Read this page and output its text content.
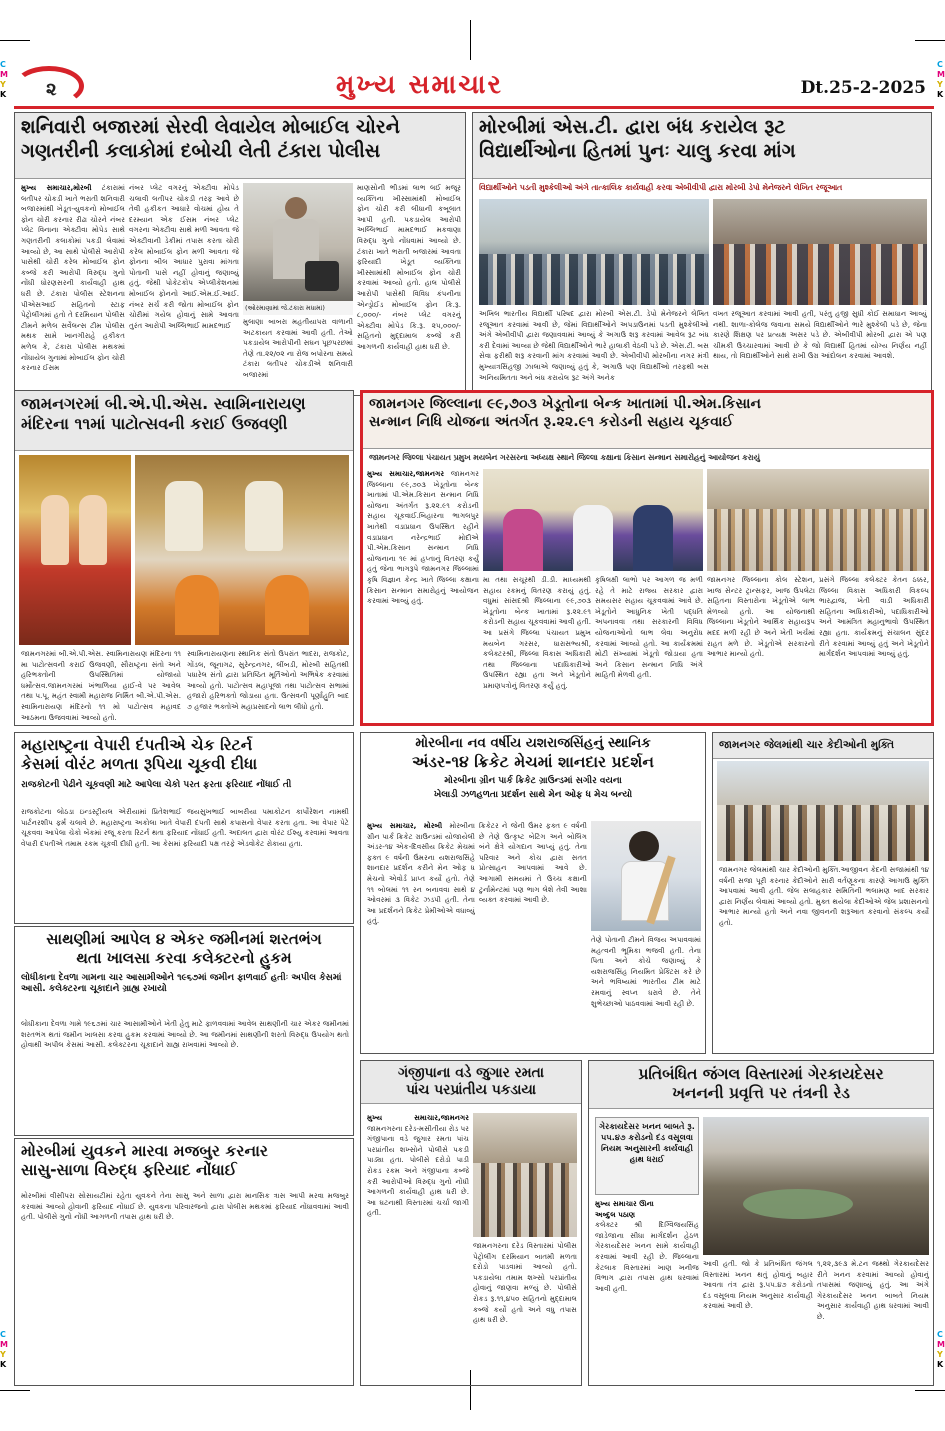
C
M
Y
K
C
M
Y
K
C
M
Y
K
C
M
Y
K
૨	મુખ્ય સમાચાર	Dt.25-2-2025
શનિવારી બજારમાં સેરવી લેવાયેલ મોબાઈલ ચોરને
ગણતરીની કલાકોમાં દબોચી લેતી ટંકારા પોલીસ
મુખ્ય સમાચાર,મોરબી ટંકારામાં લતીપર ચોકડી ખાતે ભરાતી શનિવારી બજારમાંથી ખેડૂત-યુવકનો મોબાઈલ ફોન ચોરી કરનાર રીઢા ચોરને નંબર પ્લેટ વિનાના એક્ટીવા મોપેડ સાથે ગણતરીની કલાકોમાં પકડી લેવામાં આવ્યો છે, આ સાથે પોલીસે આરોપી પાસેથી ચોરી કરેલ મોબાઈલ ફોન કબ્જે કરી આરોપી વિરુદ્ધ ગુનો નોંધી ધોરણસરની કાર્યવાહી હાથ ધરી છે. ટંકારા પોલીસ સ્ટેશનના પીએસઆઈ સહિતનો સ્ટાફ પેટ્રોલીંગમાં હતો તે દરમિયાન પોલીસ ટીમને મળેલ સર્વેલન્સ ટીમ પોલીસ મથક સામે ખાનગીરાહે હકીકત મળેલ કે, ટંકારા પોલીસ મથકમાં નોંધાયેલ ગુનામાં મોબાઈલ ફોન ચોરી કરનાર ઈસમ
નંબર પ્લેટ વગરનું એક્ટીવા મોપેડ ચલાવી લતીપર ચોકડી તરફ આવે છે તેવી હકીકત આધારે વોચમાં હોય તે દરમ્યાન એક ઈસમ નંબર પ્લેટ વગરના એક્ટીવા સાથે મળી આવતા જે એક્ટીવાની ડેકીમાં તપાસ કરતા ચોરી કરેલ મોબાઈલ ફોન મળી આવતા જે ફોનના બીલ આધાર પુરાવા માંગતા પોતાની પાસે નહીં હોવાનું જણાવ્યું હતું. જેથી પોકેટકોપ એપ્લીકેશનમાં મોબાઈલ ફોનનો આઈ.એમ.ઈ.આઈ. નંબર સર્ચ કરી જોતા મોબાઈલ ફોન ચોરીમાં ગયેલ હોવાનું સામે આવતા તુરંત આરોપી અલ્લિભાઈ મામદભાઈ
(ઓરમાણામાં જે.ટંકારા મધામાં)
મુલાણા બાબરા મહતીયાપરા વાળાની અટકાયત કરવામાં આવી હતી. તેઓ પકડાયેલ આરોપીની સઘન પૂછપરછમાં તેણે તા.૨૨/૦૨ ના રોજ બપોરના સમયે ટંકારા લતીપર ચોકડીએ શનિવારી બજારમાં
માણસોની ભીડમાં લાભ લઈ મજૂર વ્યક્તિના ખીસ્સામાંથી મોબાઈલ ફોન ચોરી કરી લીધાની કબૂલાત આપી હતી. પકડાયેલ આરોપી અલ્લિભાઈ મામદભાઈ મકવાણા વિરુદ્ધ ગુનો નોંધવામાં આવ્યો છે. ટંકારા ખાતે ભરાતી બજારમાં આવતા ફરિયાદી ખેડૂત વ્યક્તિના ખીસ્સામાંથી મોબાઈલ ફોન ચોરી કરવામાં આવ્યો હતો. હાલ પોલીસે આરોપી પાસેથી વિવિધ કંપનીના એન્ડ્રોઈડ મોબાઈલ ફોન કિ.રૂ. ૮,૦૦૦/- નંબર પ્લેટ વગરનું એક્ટીવા મોપેડ કિ.રૂ. ૨૫,૦૦૦/- સહિતનો મુદ્દામાલ કબ્જે કરી આગળની કાર્યવાહી હાથ ધરી છે.
મોરબીમાં એસ.ટી. દ્વારા બંધ કરાયેલ રૂટ
વિદ્યાર્થીઓના હિતમાં પુનઃ ચાલુ કરવા માંગ
વિદ્યાર્થીઓને પડતી મુશ્કેલીઓ અંગે તાત્કાલિક કાર્યવાહી કરવા એબીવીપી દ્વારા મોરબી ડેપો મેનેજરને લેખિત રજૂઆત
અખિલ ભારતીય વિદ્યાર્થી પરિષદ દ્વારા મોરબી એસ.ટી. ડેપો મેનેજરને લેખિત રજૂઆત કરવામાં આવી છે, જેમાં વિદ્યાર્થીઓને અપડાઉનમાં પડતી મુશ્કેલીઓ અંગે એબીવીપી દ્વારા જણાવવામાં આવ્યું કે અગાઉ શરૂ કરવામાં આવેલ રૂટ બંધ કરી દેવામાં આવ્યા છે જેથી વિદ્યાર્થીઓને ભારે હાલાકી વેઠવી પડે છે. એસ.ટી. બસ સેવા ફરીથી શરૂ કરવાની માંગ કરવામાં આવી છે. એબીવીપી મોરબીના નગર મંત્રી મુખ્યાત્રસિંહજી ઝાલાએ જણાવ્યું હતું કે, અગાઉ પણ વિદ્યાર્થીઓ તરફથી બસ અનિયમિતતા અને બંધ કરાયેલ રૂટ અંગે અનેક
વખત રજૂઆત કરવામાં આવી હતી, પરંતુ હજી સુધી કોઈ સમાધાન આવ્યું નથી. શાળા-કોલેજ જવાના સમયે વિદ્યાર્થીઓને ભારે મુશ્કેલી પડે છે, જેના કારણે શિક્ષણ પર પ્રત્યક્ષ અસર પડે છે. એબીવીપી મોરબી દ્વારા એ પણ ચીમકી ઉચ્ચારવામાં આવી છે કે જો વિદ્યાર્થી હિતમાં યોગ્ય નિર્ણય નહીં થાય, તો વિદ્યાર્થીઓને સાથે રાખી ઉગ્ર આંદોલન કરવામાં આવશે.
જામનગરમાં બી.એ.પી.એસ. સ્વામિનારાયણ
મંદિરના ૧૧માં પાટોત્સવની કરાઈ ઉજવણી
જામનગરમાં બી.એ.પી.એસ. સ્વામિનારાયણ મંદિરના ૧૧ મા પાટોત્સવની કરાઈ ઉજવણી, સૌરાષ્ટ્રના સંતો અને હરિભક્તોની ઉપસ્થિતિમાં યોજાયો ધર્મોત્સવ.જામનગરમાં ખંભાળિયા હાઈ-વે પર આવેલ તથા પ.પૂ. મહંત સ્વામી મહારાજ નિર્મિત બી.એ.પી.એસ. સ્વામિનારાયણ મંદિરનો ૧૧ મો પાટોત્સવ મહાવદ આઠમના ઉજવવામાં આવ્યો હતો.
સ્વામિનારાયણના સ્થાનિક સંતો ઉપરાંત ભાદરા, રાજકોટ, ગોંડલ, જૂનાગઢ, સુરેન્દ્રનગર, લીંબડી, મોરબી સહિતથી પધારેલ સંતો દ્વારા પ્રતિષ્ઠિત મૂર્તિઓનો અભિષેક કરવામાં આવ્યો હતો. પાટોત્સવ મહાપૂજા તથા પાટોત્સવ સભામાં હજારો હરિભક્તો જોડાયા હતા. ઉત્સવની પૂર્ણાહુતિ બાદ ૭ હજાર ભક્તોએ મહાપ્રસાદનો લાભ લીધો હતો.
જામનગર જિલ્લાના ૯૯,૭૦૩ ખેડૂતોના બેન્ક ખાતામાં પી.એમ.કિસાન
સન્માન નિધિ યોજના અંતર્ગત રૂ.૨૨.૯૧ કરોડની સહાય ચૂકવાઈ
જામનગર જિલ્લા પંચાયત પ્રમુખ મયબેન ગરસરના અધ્યક્ષ સ્થાને જિલ્લા કક્ષાના કિસાન સન્માન સમારોહનું આયોજન કરાયું
મુખ્ય સમાચાર,જામનગર જામનગર જિલ્લાના ૯૯,૭૦૩ ખેડૂતોના બેન્ક ખાતામાં પી.એમ.કિસાન સન્માન નિધિ યોજના અંતર્ગત રૂ.૨૨.૯૧ કરોડની સહાય ચૂકવાઈ.બિહારના ભાગલપુર ખાતેથી વડાપ્રધાન ઉપસ્થિત રહીને વડાપ્રધાન નરેન્દ્રભાઈ મોદીએ પી.એમ.કિસાન સન્માન નિધિ યોજનાના ૧૯ માં હપ્તાનું વિતરણ કર્યું હતું જેના ભાગરૂપે જામનગર જિલ્લામાં કૃષિ વિજ્ઞાન કેન્દ્ર ખાતે જિલ્લા કક્ષાના કિસાન સન્માન સમારોહનું આયોજન કરવામાં આવ્યું હતું.
મા તથા સચૂરથી ડી.ડી. માધ્યમથી સહાય રકમનું વિતરણ કરાયું હતું. વધુમાં સાંસદશ્રી જિલ્લાના ૯૯,૭૦૩ ખેડૂતોના બેન્ક ખાતામાં રૂ.૨૨.૯૧ કરોડની સહાય ચૂકવવામાં આવી હતી. આ પ્રસંગે જિલ્લા પંચાયત પ્રમુખ મયબેન ગરસર, ધારાસભ્યશ્રી, કલેક્ટરશ્રી, જિલ્લા વિકાસ અધિકારી તથા જિલ્લાના પદાધિકારીઓ ઉપસ્થિત રહ્યા હતા અને ખેડૂતોને પ્રમાણપત્રોનું વિતરણ કર્યું હતું.
કૃષિલક્ષી લાભો પર આગળ જ મળી રહે તે માટે રાજ્ય સરકાર દ્વારા સમયસર સહાય ચૂકવવામાં આવે છે. ખેડૂતોને આધુનિક ખેતી પદ્ધતિ અપનાવવા તથા સરકારની વિવિધ યોજનાઓનો લાભ લેવા અનુરોધ કરવામાં આવ્યો હતો. આ કાર્યક્રમમાં મોટી સંખ્યામાં ખેડૂતો જોડાયા હતા અને કિસાન સન્માન નિધિ અંગે માહિતી મેળવી હતી.
જામનગર જિલ્લાના કોલ સ્ટેશન, ખાજ સેન્ટર ટ્રાન્સફર, ખાજ ઉપલેટા સહિતના વિસ્તારોના ખેડૂતોએ લાભ મેળવ્યો હતો. આ યોજનાથી જિલ્લાના ખેડૂતોને આર્થિક સહાયરૂપ મદદ મળી રહી છે અને ખેતી ખર્ચમાં રાહત મળે છે. ખેડૂતોએ સરકારનો આભાર માન્યો હતો.
પ્રસંગે જિલ્લા કલેક્ટર કેતન ઠક્કર, જિલ્લા વિકાસ અધિકારી વિકલ્પ ભારદ્વાજ, ખેતી વાડી અધિકારી સહિતના અધિકારીઓ, પદાધિકારીઓ અને આમંત્રિત મહાનુભાવો ઉપસ્થિત રહ્યા હતા. કાર્યક્રમનું સંચાલન સુંદર રીતે કરવામાં આવ્યું હતું અને ખેડૂતોને માર્ગદર્શન આપવામાં આવ્યું હતું.
મહારાષ્ટ્રના વેપારી દંપતીએ ચેક રિટર્ન
કેસમાં વોરંટ મળતા રૂપિયા ચૂકવી દીધા
રાજકોટની પેઢીને ચૂકવણી માટે આપેલા ચેકો પરત ફરતા ફરિયાદ નોંધાઈ તી
રાજકોટના લોઠડા ઇન્ડસ્ટ્રીયલ એરીયામાં પ્રિતેશભાઈ જયસુખભાઈ બાબરીયા પમાકોટન કાર્પોરેશન નામથી પાર્ટનરશીપ ફર્મ ચલાવે છે. મહારાષ્ટ્રના અકોલા ખાતે વેપારી દંપતી સાથે કપાસનો વેપાર કરતા હતા. આ વેપાર પેટે ચૂકવવા આપેલા ચેકો બેંકમાં રજૂ કરતા રિટર્ન થતા ફરિયાદ નોંધાઈ હતી. અદાલત દ્વારા વોરંટ ઈશ્યુ કરવામાં આવતા વેપારી દંપતીએ તમામ રકમ ચૂકવી દીધી હતી. આ કેસમાં ફરિયાદી પક્ષ તરફે એડવોકેટ રોકાયા હતા.
સાથણીમાં આપેલ ૪ એકર જમીનમાં શરતભંગ
થતા ખાલસા કરવા કલેક્ટરનો હુકમ
લોધીકાના દેવળા ગામના ચાર આસામીઓને ૧૯૬૭માં જમીન ફાળવાઈ હતીઃ અપીલ કેસમાં આસી. કલેક્ટરના ચૂકાદાને ગ્રાહ્ય રખાયો
લોધીકાના દેવળા ગામે ૧૯૬૭માં ચાર આસામીઓને ખેતી હેતુ માટે ફાળવવામાં આવેલ સાથણીની ચાર એકર જમીનમાં શરતભંગ થતાં જમીન ખાલસા કરવા હુકમ કરવામાં આવ્યો છે. આ જમીનમાં સાથણીની શરતો વિરુદ્ધ ઉપયોગ થતો હોવાથી અપીલ કેસમાં આસી. કલેક્ટરના ચૂકાદાને ગ્રાહ્ય રાખવામાં આવ્યો છે.
મોરબીમાં યુવકને મારવા મજબુર કરનાર
સાસુ-સાળા વિરુદ્ધ ફરિયાદ નોંધાઈ
મોરબીમાં વીસીપરા સોસાયટીમાં રહેતા યુવકને તેના સાસુ અને સાળા દ્વારા માનસિક ત્રાસ આપી મરવા મજબુર કરવામાં આવ્યો હોવાની ફરિયાદ નોંધાઈ છે. યુવકના પરિવારજનો દ્વારા પોલીસ મથકમાં ફરિયાદ નોંધાવવામાં આવી હતી. પોલીસે ગુનો નોંધી આગળની તપાસ હાથ ધરી છે.
મોરબીના નવ વર્ષીય યશરાજસિંહનું સ્થાનિક
અંડર-૧૪ ક્રિકેટ મેચમાં શાનદાર પ્રદર્શન
મોરબીના ગ્રીન પાર્ક ક્રિકેટ ગ્રાઉન્ડમાં સગીર વયના
ખેલાડી ઝળહળતા પ્રદર્શન સાથે મેન ઓફ ધ મેચ બન્યો
મુખ્ય સમાચાર, મોરબી મોરબીના ગ્રીન પાર્ક ક્રિકેટ ગ્રાઉન્ડમાં યોજાયેલી અંડર-૧૪ એક-દિવસીય ક્રિકેટ મેચમાં ફક્ત ૯ વર્ષની ઉંમરના યશરાજસિંહે શાનદાર પ્રદર્શન કરીને મેન ઓફ ધ મેચનો એવોર્ડ પ્રાપ્ત કર્યો હતો. તેણે ૧૧ બોલમાં ૧૧ રન બનાવવા સાથે ૪ ઓવરમાં ૩ વિકેટ ઝડપી હતી. તેના આ પ્રદર્શનને ક્રિકેટ પ્રેમીઓએ વધાવ્યું હતું.
ક્રિકેટર ને જેની ઉંમર ફક્ત ૯ વર્ષની છે તેણે ઉત્કૃષ્ટ બેટિંગ અને બોલિંગ બંને ક્ષેત્રે યોગદાન આપ્યું હતું. તેના પરિવાર અને કોચ દ્વારા સતત પ્રોત્સાહન આપવામાં આવે છે. આગામી સમયમાં તે ઉચ્ચ કક્ષાની ટુર્નામેન્ટમાં પણ ભાગ લેશે તેવી આશા વ્યક્ત કરવામાં આવી છે.
તેણે પોતાની ટીમને વિજય અપાવવામાં મહત્વની ભૂમિકા ભજવી હતી. તેના પિતા અને કોચે જણાવ્યું કે યશરાજસિંહ નિયમિત પ્રેક્ટિસ કરે છે અને ભવિષ્યમાં ભારતીય ટીમ માટે રમવાનું સ્વપ્ન ધરાવે છે. તેને શુભેચ્છાઓ પાઠવવામાં આવી રહી છે.
જામનગર જેલમાંથી ચાર કેદીઓની મુક્તિ
જામનગર જેલમાંથી ચાર કેદીઓની મુક્તિ.આજીવન કેદની સજામાંથી ૧૪ વર્ષની સજા પૂરી કરનાર કેદીઓને સારી વર્તણૂકના કારણે આગાઉ મુક્તિ આપવામાં આવી હતી. જેલ સલાહકાર સમિતિની ભલામણ બાદ સરકાર દ્વારા નિર્ણય લેવામાં આવ્યો હતો. મુક્ત થયેલા કેદીઓએ જેલ પ્રશાસનનો આભાર માન્યો હતો અને નવા જીવનની શરૂઆત કરવાનો સંકલ્પ કર્યો હતો.
ગંજીપાના વડે જુગાર રમતા
પાંચ પરપ્રાંતીય પકડાયા
મુખ્ય સમાચાર,જામનગર જામનગરના દરેડ-મસીતીયા રોડ પર ગંજીપાના વડે જુગાર રમતા પાંચ પરપ્રાંતીય શખ્સોને પોલીસે પકડી પાડ્યા હતા. પોલીસે દરોડો પાડી રોકડ રકમ અને ગંજીપાના કબ્જે કરી આરોપીઓ વિરુદ્ધ ગુનો નોંધી આગળની કાર્યવાહી હાથ ધરી છે. આ ઘટનાથી વિસ્તારમાં ચર્ચા જાગી હતી.
જામનગરના દરેડ વિસ્તારમાં પોલીસ પેટ્રોલીંગ દરમિયાન બાતમી મળતા દરોડો પાડવામાં આવ્યો હતો. પકડાયેલા તમામ શખ્સો પરપ્રાંતીય હોવાનું જાણવા મળ્યું છે. પોલીસે રોકડ રૂ.૧૧,૪૫૦ સહિતનો મુદ્દામાલ કબ્જે કર્યો હતો અને વધુ તપાસ હાથ ધરી છે.
પ્રતિબંધિત જંગલ વિસ્તારમાં ગેરકાયદેસર
ખનનની પ્રવૃત્તિ પર તંત્રની રેડ
ગેરકાયદેસર ખનન બાબતે રૂ. ૫૫.૪૭ કરોડનો દંડ વસૂલવા નિયમ અનુસારની કાર્યવાહી હાથ ધરાઈ
મુખ્ય સમાચાર ઊના
અબ્દુલ પઠાણ
કલેક્ટર શ્રી દિગ્વિજયસિંહ જાડેજાના સીધા માર્ગદર્શન હેઠળ ગેરકાયદેસર ખનન સામે કાર્યવાહી કરવામાં આવી રહી છે. જિલ્લાના કેટલાક વિસ્તારમાં ખાણ ખનીજ વિભાગ દ્વારા તપાસ હાથ ધરવામાં આવી હતી.
આવી હતી. જો કે પ્રતિબંધિત જંગલ વિસ્તારમાં ખનન થતું હોવાનું બહાર આવતા તંત્ર દ્વારા રૂ.૫૫.૪૭ કરોડનો દંડ વસૂલવા નિયમ અનુસાર કાર્યવાહી કરવામાં આવી છે.
૧,૨૨,૩૯૩ મે.ટન જથ્થો ગેરકાયદેસર રીતે ખનન કરવામાં આવ્યો હોવાનું તપાસમાં જણાવ્યું હતું. આ અંગે ગેરકાયદેસર ખનન બાબતે નિયમ અનુસાર કાર્યવાહી હાથ ધરવામાં આવી છે.
